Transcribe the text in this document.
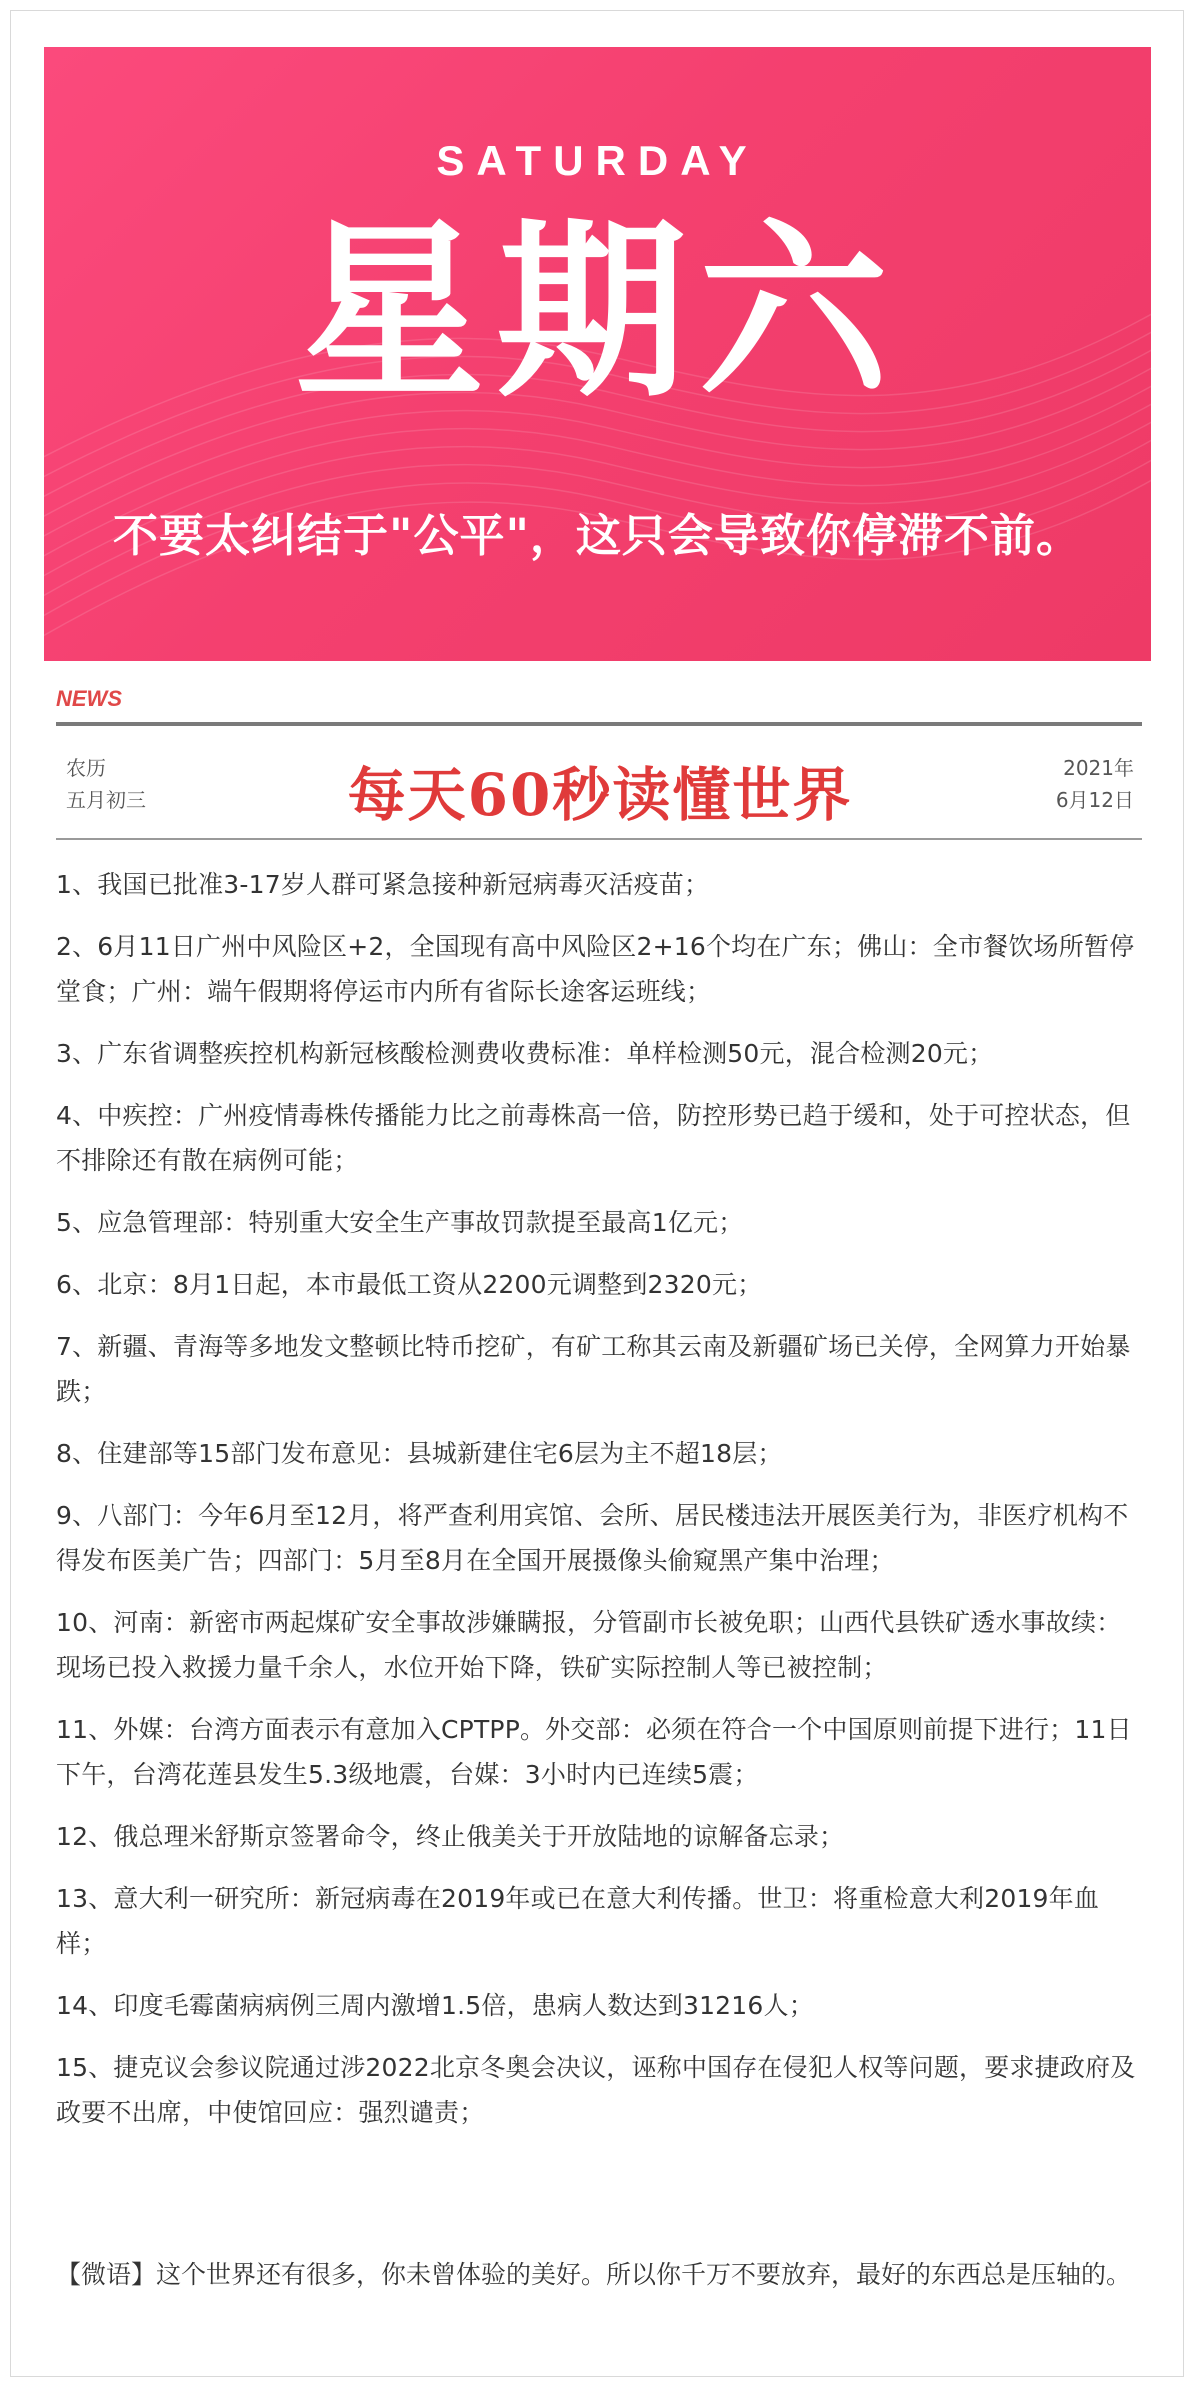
SATURDAY
星期六
不要太纠结于"公平"，这只会导致你停滞不前。
NEWS
农历
五月初三	每天60秒读懂世界	2021年
6月12日
1、我国已批准3-17岁人群可紧急接种新冠病毒灭活疫苗；
2、6月11日广州中风险区+2，全国现有高中风险区2+16个均在广东；佛山：全市餐饮场所暂停堂食；广州：端午假期将停运市内所有省际长途客运班线；
3、广东省调整疾控机构新冠核酸检测费收费标准：单样检测50元，混合检测20元；
4、中疾控：广州疫情毒株传播能力比之前毒株高一倍，防控形势已趋于缓和，处于可控状态，但不排除还有散在病例可能；
5、应急管理部：特别重大安全生产事故罚款提至最高1亿元；
6、北京：8月1日起，本市最低工资从2200元调整到2320元；
7、新疆、青海等多地发文整顿比特币挖矿，有矿工称其云南及新疆矿场已关停，全网算力开始暴跌；
8、住建部等15部门发布意见：县城新建住宅6层为主不超18层；
9、八部门：今年6月至12月，将严查利用宾馆、会所、居民楼违法开展医美行为，非医疗机构不得发布医美广告；四部门：5月至8月在全国开展摄像头偷窥黑产集中治理；
10、河南：新密市两起煤矿安全事故涉嫌瞒报，分管副市长被免职；山西代县铁矿透水事故续：现场已投入救援力量千余人，水位开始下降，铁矿实际控制人等已被控制；
11、外媒：台湾方面表示有意加入CPTPP。外交部：必须在符合一个中国原则前提下进行；11日下午，台湾花莲县发生5.3级地震，台媒：3小时内已连续5震；
12、俄总理米舒斯京签署命令，终止俄美关于开放陆地的谅解备忘录；
13、意大利一研究所：新冠病毒在2019年或已在意大利传播。世卫：将重检意大利2019年血样；
14、印度毛霉菌病病例三周内激增1.5倍，患病人数达到31216人；
15、捷克议会参议院通过涉2022北京冬奥会决议，诬称中国存在侵犯人权等问题，要求捷政府及政要不出席，中使馆回应：强烈谴责；
【微语】这个世界还有很多，你未曾体验的美好。所以你千万不要放弃，最好的东西总是压轴的。
